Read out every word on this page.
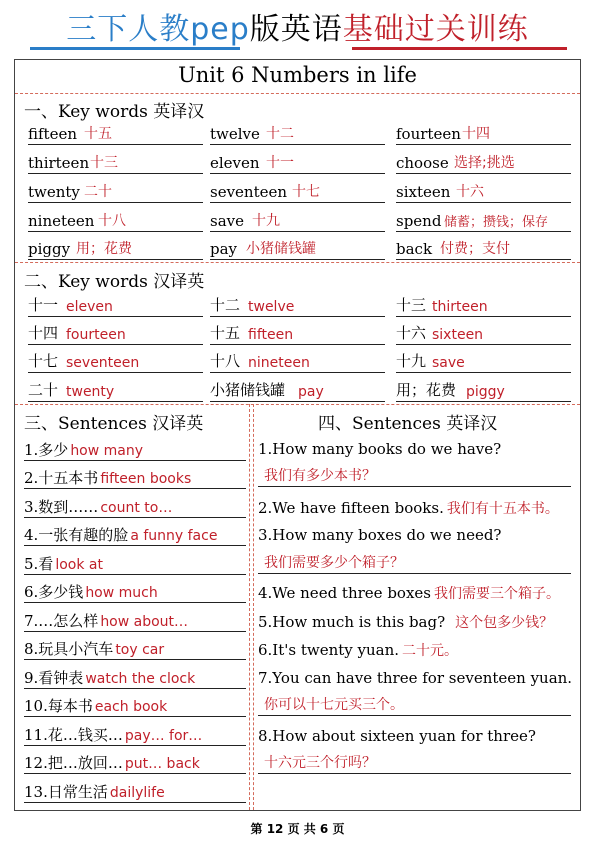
三下人教pep版英语基础过关训练
Unit 6 Numbers in life
一、Key words 英译汉
fifteen 十五	twelve 十二	fourteen 十四
thirteen 十三	eleven 十一	choose 选择;挑选
twenty 二十	seventeen 十七	sixteen 十六
nineteen 十八	save 十九	spend 储蓄；攒钱；保存
piggy 用；花费	pay 小猪储钱罐	back 付费；支付
二、Key words 汉译英
十一 eleven	十二 twelve	十三 thirteen
十四 fourteen	十五 fifteen	十六 sixteen
十七 seventeen	十八 nineteen	十九 save
二十 twenty	小猪储钱罐 pay	用；花费 piggy
三、Sentences 汉译英
1.多少 how many
2.十五本书 fifteen books
3.数到…… count to…
4.一张有趣的脸 a funny face
5.看 look at
6.多少钱 how much
7.…怎么样 how about…
8.玩具小汽车 toy car
9.看钟表 watch the clock
10.每本书 each book
11.花…钱买… pay… for…
12.把…放回… put… back
13.日常生活 dailylife
四、Sentences 英译汉
1.How many books do we have?
我们有多少本书？
2.We have fifteen books. 我们有十五本书。
3.How many boxes do we need?
我们需要多少个箱子？
4.We need three boxes 我们需要三个箱子。
5.How much is this bag? 这个包多少钱？
6.It's twenty yuan. 二十元。
7.You can have three for seventeen yuan.
你可以十七元买三个。
8.How about sixteen yuan for three?
十六元三个行吗？
第 12 页 共 6 页
